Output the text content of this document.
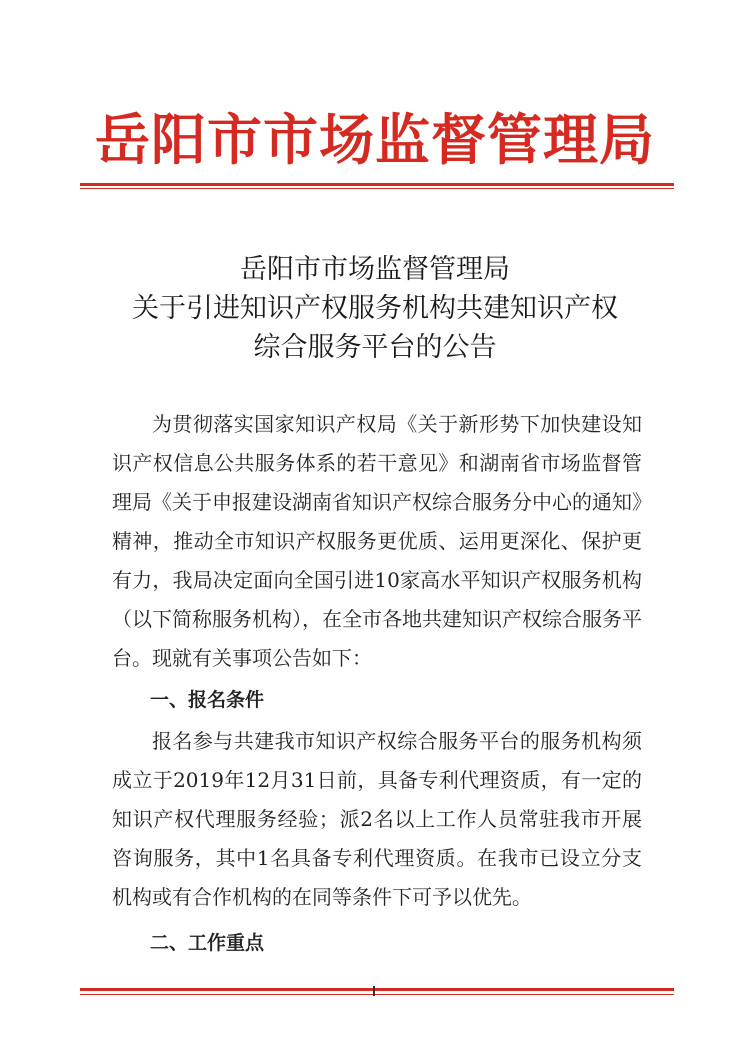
岳阳市市场监督管理局
岳阳市市场监督管理局
关于引进知识产权服务机构共建知识产权
综合服务平台的公告

为贯彻落实国家知识产权局《关于新形势下加快建设知识产权信息公共服务体系的若干意见》和湖南省市场监督管理局《关于申报建设湖南省知识产权综合服务分中心的通知》精神，推动全市知识产权服务更优质、运用更深化、保护更有力，我局决定面向全国引进10家高水平知识产权服务机构（以下简称服务机构），在全市各地共建知识产权综合服务平台。现就有关事项公告如下：

一、报名条件

报名参与共建我市知识产权综合服务平台的服务机构须成立于2019年12月31日前，具备专利代理资质，有一定的知识产权代理服务经验；派2名以上工作人员常驻我市开展咨询服务，其中1名具备专利代理资质。在我市已设立分支机构或有合作机构的在同等条件下可予以优先。

二、工作重点
